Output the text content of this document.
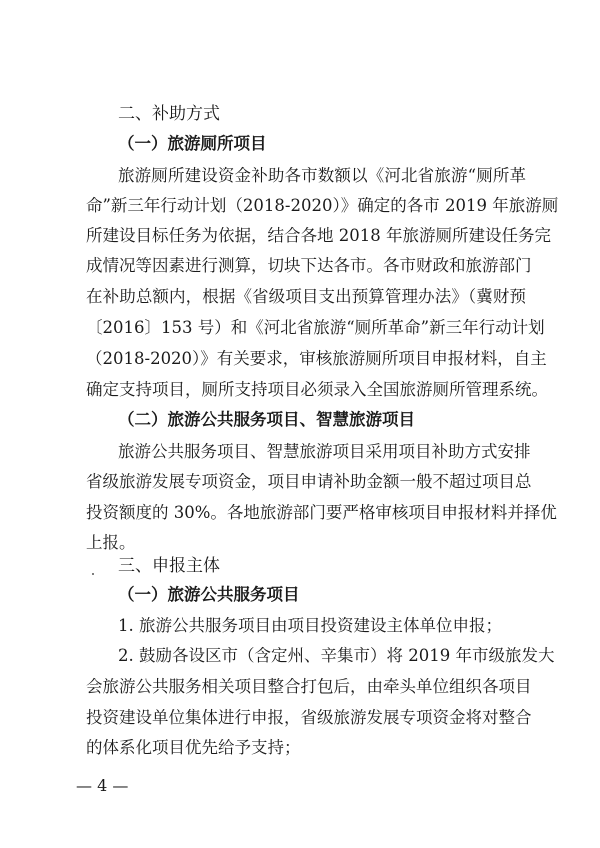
二、补助方式
（一）旅游厕所项目
旅游厕所建设资金补助各市数额以《河北省旅游“厕所革
命”新三年行动计划（2018-2020）》确定的各市 2019 年旅游厕
所建设目标任务为依据，结合各地 2018 年旅游厕所建设任务完
成情况等因素进行测算，切块下达各市。各市财政和旅游部门
在补助总额内，根据《省级项目支出预算管理办法》（冀财预
〔2016〕153 号）和《河北省旅游“厕所革命”新三年行动计划
（2018-2020）》有关要求，审核旅游厕所项目申报材料，自主
确定支持项目，厕所支持项目必须录入全国旅游厕所管理系统。
（二）旅游公共服务项目、智慧旅游项目
旅游公共服务项目、智慧旅游项目采用项目补助方式安排
省级旅游发展专项资金，项目申请补助金额一般不超过项目总
投资额度的 30%。各地旅游部门要严格审核项目申报材料并择优
上报。
三、申报主体
（一）旅游公共服务项目
1. 旅游公共服务项目由项目投资建设主体单位申报；
2. 鼓励各设区市（含定州、辛集市）将 2019 年市级旅发大
会旅游公共服务相关项目整合打包后，由牵头单位组织各项目
投资建设单位集体进行申报，省级旅游发展专项资金将对整合
的体系化项目优先给予支持；
— 4 —
